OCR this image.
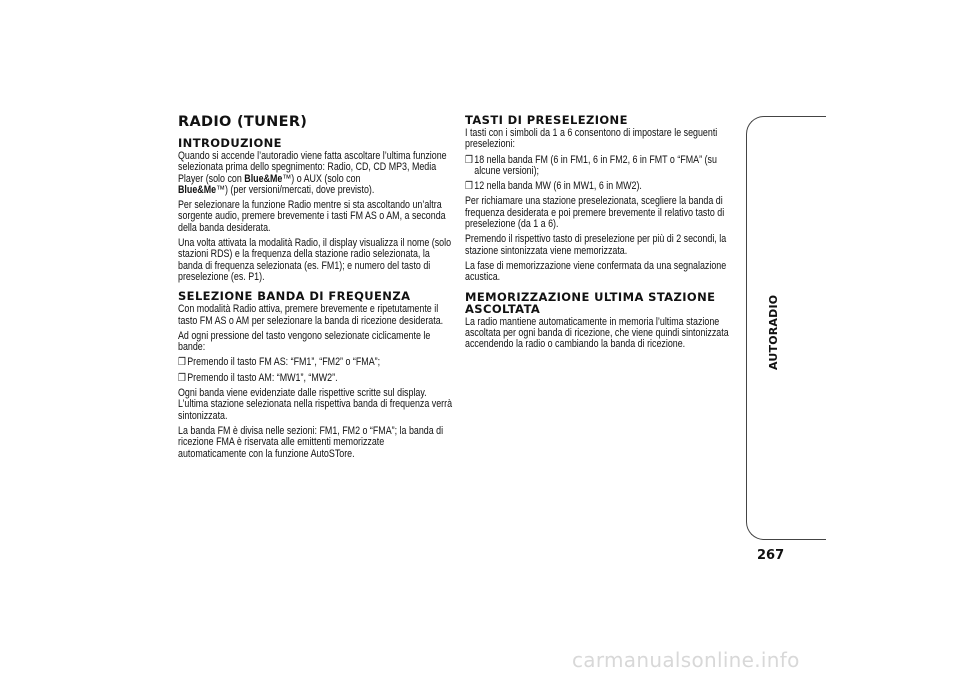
RADIO (TUNER)
INTRODUZIONE

Quando si accende l’autoradio viene fatta ascoltare l’ultima funzione selezionata prima dello spegnimento: Radio, CD, CD MP3, Media Player (solo con Blue&Me™) o AUX (solo con
Blue&Me™) (per versioni/mercati, dove previsto).

Per selezionare la funzione Radio mentre si sta ascoltando un’altra sorgente audio, premere brevemente i tasti FM AS o AM, a seconda della banda desiderata.

Una volta attivata la modalità Radio, il display visualizza il nome (solo stazioni RDS) e la frequenza della stazione radio selezionata, la banda di frequenza selezionata (es. FM1); e numero del tasto di preselezione (es. P1).

SELEZIONE BANDA DI FREQUENZA

Con modalità Radio attiva, premere brevemente e ripetutamente il tasto FM AS o AM per selezionare la banda di ricezione desiderata.

Ad ogni pressione del tasto vengono selezionate ciclicamente le bande:

❒ Premendo il tasto FM AS: “FM1”, “FM2” o “FMA”;

❒ Premendo il tasto AM: “MW1”, “MW2”.

Ogni banda viene evidenziate dalle rispettive scritte sul display. L’ultima stazione selezionata nella rispettiva banda di frequenza verrà sintonizzata.

La banda FM è divisa nelle sezioni: FM1, FM2 o “FMA”; la banda di ricezione FMA è riservata alle emittenti memorizzate automaticamente con la funzione AutoSTore.

TASTI DI PRESELEZIONE

I tasti con i simboli da 1 a 6 consentono di impostare le seguenti preselezioni:

❒ 18 nella banda FM (6 in FM1, 6 in FM2, 6 in FMT o “FMA” (su alcune versioni);

❒ 12 nella banda MW (6 in MW1, 6 in MW2).

Per richiamare una stazione preselezionata, scegliere la banda di frequenza desiderata e poi premere brevemente il relativo tasto di preselezione (da 1 a 6).

Premendo il rispettivo tasto di preselezione per più di 2 secondi, la stazione sintonizzata viene memorizzata.

La fase di memorizzazione viene confermata da una segnalazione acustica.

MEMORIZZAZIONE ULTIMA STAZIONE ASCOLTATA

La radio mantiene automaticamente in memoria l’ultima stazione ascoltata per ogni banda di ricezione, che viene quindi sintonizzata accendendo la radio o cambiando la banda di ricezione.	AUTORADIO
267
carmanualsonline.info
